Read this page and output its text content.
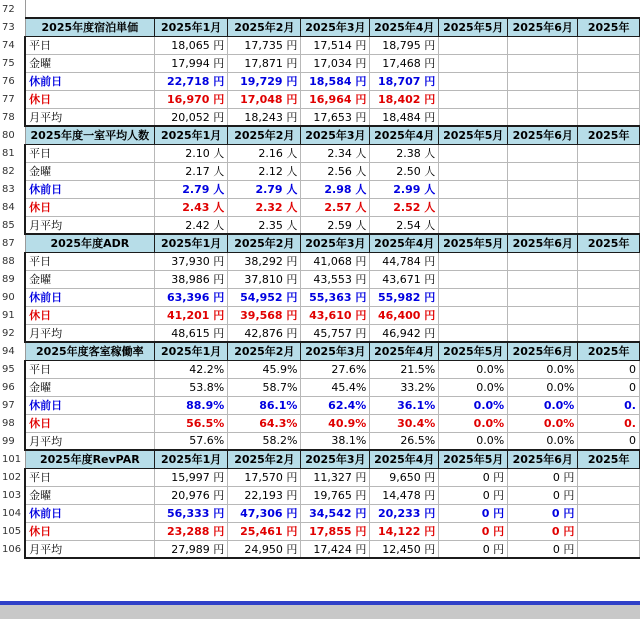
72								
73	2025年度宿泊単価	2025年1月	2025年2月	2025年3月	2025年4月	2025年5月	2025年6月	2025年
74	平日	18,065 円	17,735 円	17,514 円	18,795 円			
75	金曜	17,994 円	17,871 円	17,034 円	17,468 円			
76	休前日	22,718 円	19,729 円	18,584 円	18,707 円			
77	休日	16,970 円	17,048 円	16,964 円	18,402 円			
78	月平均	20,052 円	18,243 円	17,653 円	18,484 円			
80	2025年度一室平均人数	2025年1月	2025年2月	2025年3月	2025年4月	2025年5月	2025年6月	2025年
81	平日	2.10 人	2.16 人	2.34 人	2.38 人			
82	金曜	2.17 人	2.12 人	2.56 人	2.50 人			
83	休前日	2.79 人	2.79 人	2.98 人	2.99 人			
84	休日	2.43 人	2.32 人	2.57 人	2.52 人			
85	月平均	2.42 人	2.35 人	2.59 人	2.54 人			
87	2025年度ADR	2025年1月	2025年2月	2025年3月	2025年4月	2025年5月	2025年6月	2025年
88	平日	37,930 円	38,292 円	41,068 円	44,784 円			
89	金曜	38,986 円	37,810 円	43,553 円	43,671 円			
90	休前日	63,396 円	54,952 円	55,363 円	55,982 円			
91	休日	41,201 円	39,568 円	43,610 円	46,400 円			
92	月平均	48,615 円	42,876 円	45,757 円	46,942 円			
94	2025年度客室稼働率	2025年1月	2025年2月	2025年3月	2025年4月	2025年5月	2025年6月	2025年
95	平日	42.2%	45.9%	27.6%	21.5%	0.0%	0.0%	0
96	金曜	53.8%	58.7%	45.4%	33.2%	0.0%	0.0%	0
97	休前日	88.9%	86.1%	62.4%	36.1%	0.0%	0.0%	0.
98	休日	56.5%	64.3%	40.9%	30.4%	0.0%	0.0%	0.
99	月平均	57.6%	58.2%	38.1%	26.5%	0.0%	0.0%	0
101	2025年度RevPAR	2025年1月	2025年2月	2025年3月	2025年4月	2025年5月	2025年6月	2025年
102	平日	15,997 円	17,570 円	11,327 円	9,650 円	0 円	0 円	
103	金曜	20,976 円	22,193 円	19,765 円	14,478 円	0 円	0 円	
104	休前日	56,333 円	47,306 円	34,542 円	20,233 円	0 円	0 円	
105	休日	23,288 円	25,461 円	17,855 円	14,122 円	0 円	0 円	
106	月平均	27,989 円	24,950 円	17,424 円	12,450 円	0 円	0 円	
